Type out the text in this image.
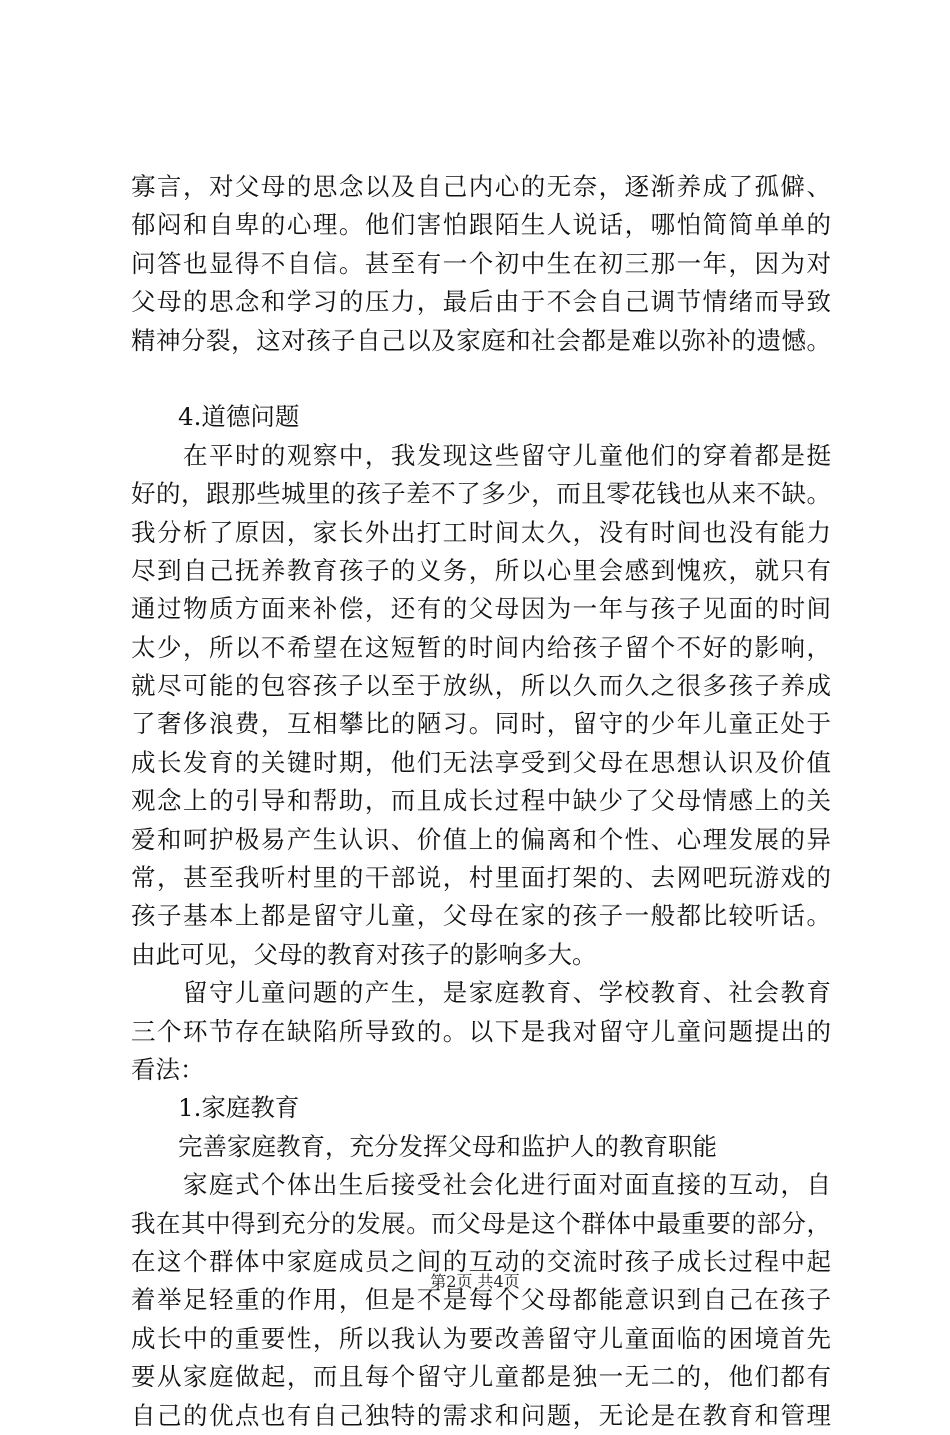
寡言，对父母的思念以及自己内心的无奈，逐渐养成了孤僻、
郁闷和自卑的心理。他们害怕跟陌生人说话，哪怕简简单单的
问答也显得不自信。甚至有一个初中生在初三那一年，因为对
父母的思念和学习的压力，最后由于不会自己调节情绪而导致
精神分裂，这对孩子自己以及家庭和社会都是难以弥补的遗憾。
4.道德问题
在平时的观察中，我发现这些留守儿童他们的穿着都是挺
好的，跟那些城里的孩子差不了多少，而且零花钱也从来不缺。
我分析了原因，家长外出打工时间太久，没有时间也没有能力
尽到自己抚养教育孩子的义务，所以心里会感到愧疚，就只有
通过物质方面来补偿，还有的父母因为一年与孩子见面的时间
太少，所以不希望在这短暂的时间内给孩子留个不好的影响，
就尽可能的包容孩子以至于放纵，所以久而久之很多孩子养成
了奢侈浪费，互相攀比的陋习。同时，留守的少年儿童正处于
成长发育的关键时期，他们无法享受到父母在思想认识及价值
观念上的引导和帮助，而且成长过程中缺少了父母情感上的关
爱和呵护极易产生认识、价值上的偏离和个性、心理发展的异
常，甚至我听村里的干部说，村里面打架的、去网吧玩游戏的
孩子基本上都是留守儿童，父母在家的孩子一般都比较听话。
由此可见，父母的教育对孩子的影响多大。
留守儿童问题的产生，是家庭教育、学校教育、社会教育
三个环节存在缺陷所导致的。以下是我对留守儿童问题提出的
看法：
1.家庭教育
完善家庭教育，充分发挥父母和监护人的教育职能
家庭式个体出生后接受社会化进行面对面直接的互动，自
我在其中得到充分的发展。而父母是这个群体中最重要的部分，
在这个群体中家庭成员之间的互动的交流时孩子成长过程中起
着举足轻重的作用，但是不是每个父母都能意识到自己在孩子
成长中的重要性，所以我认为要改善留守儿童面临的困境首先
要从家庭做起，而且每个留守儿童都是独一无二的，他们都有
自己的优点也有自己独特的需求和问题，无论是在教育和管理
第2页 共4页
